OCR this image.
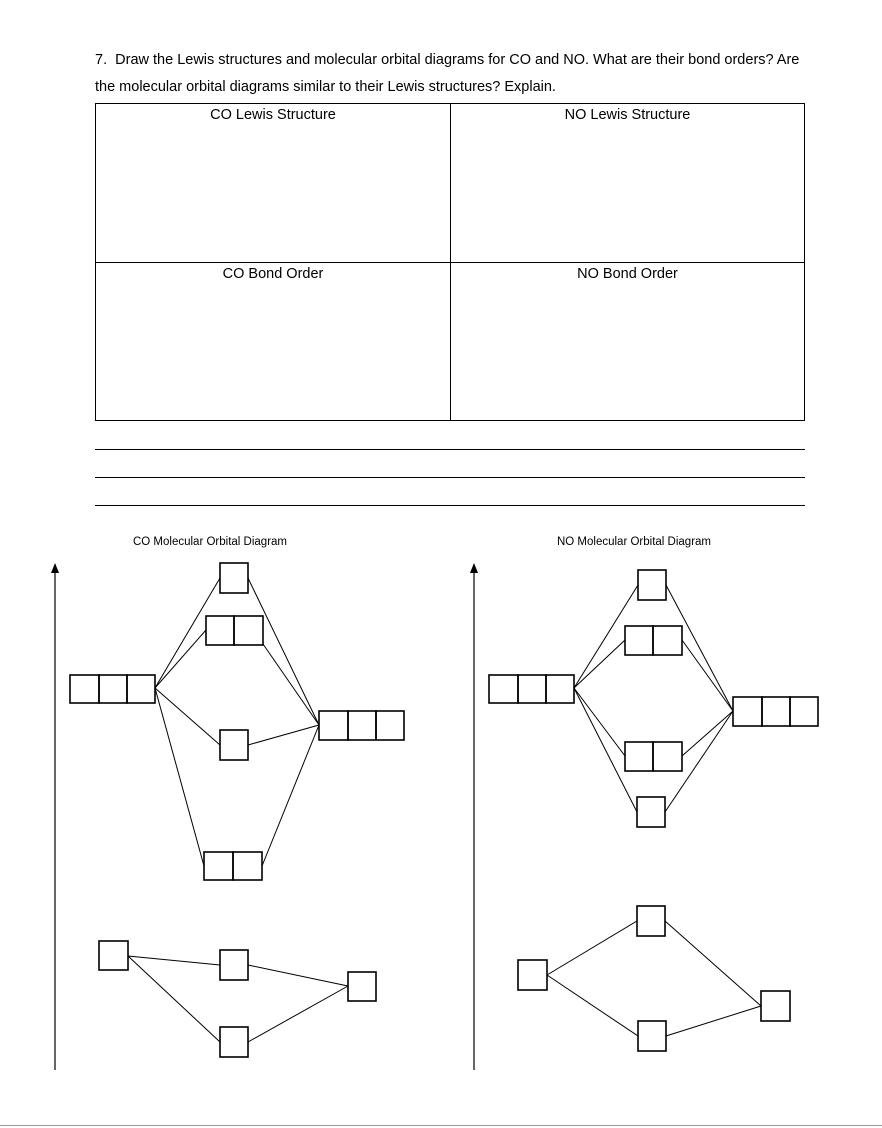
7. Draw the Lewis structures and molecular orbital diagrams for CO and NO. What are their bond orders? Are the molecular orbital diagrams similar to their Lewis structures? Explain.

CO Lewis Structure	NO Lewis Structure
CO Bond Order	NO Bond Order
CO Molecular Orbital Diagram	NO Molecular Orbital Diagram
